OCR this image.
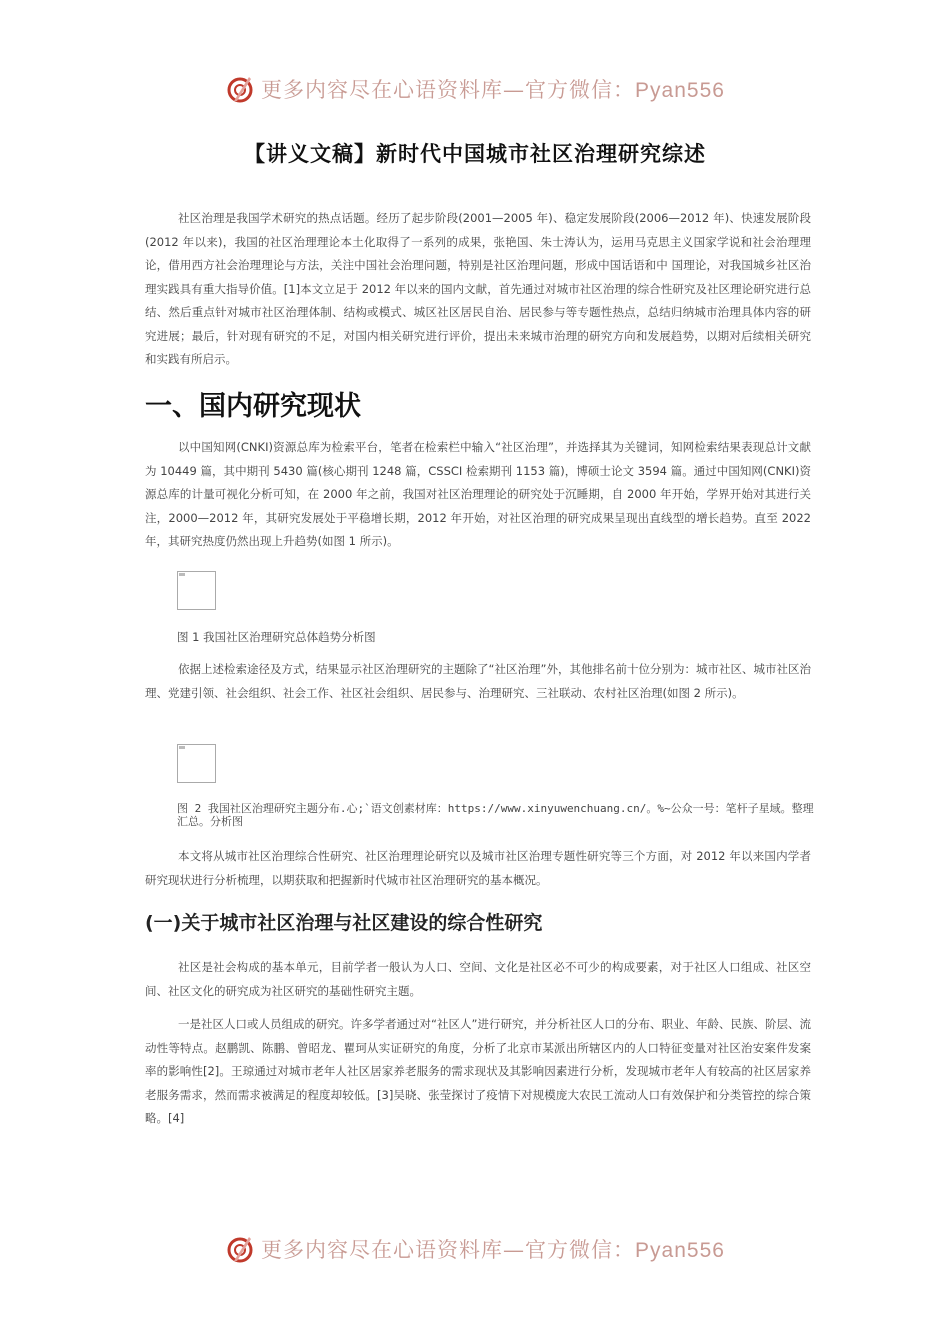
更多内容尽在心语资料库—官方微信：Pyan556
【讲义文稿】新时代中国城市社区治理研究综述

社区治理是我国学术研究的热点话题。经历了起步阶段(2001—2005 年)、稳定发展阶段(2006—2012 年)、快速发展阶段(2012 年以来)，我国的社区治理理论本土化取得了一系列的成果，张艳国、朱士涛认为，运用马克思主义国家学说和社会治理理论，借用西方社会治理理论与方法，关注中国社会治理问题，特别是社区治理问题，形成中国话语和中 国理论，对我国城乡社区治理实践具有重大指导价值。[1]本文立足于 2012 年以来的国内文献，首先通过对城市社区治理的综合性研究及社区理论研究进行总结、然后重点针对城市社区治理体制、结构或模式、城区社区居民自治、居民参与等专题性热点，总结归纳城市治理具体内容的研究进展；最后，针对现有研究的不足，对国内相关研究进行评价，提出未来城市治理的研究方向和发展趋势，以期对后续相关研究和实践有所启示。

一、国内研究现状

以中国知网(CNKI)资源总库为检索平台，笔者在检索栏中输入“社区治理”，并选择其为关键词，知网检索结果表现总计文献为 10449 篇，其中期刊 5430 篇(核心期刊 1248 篇，CSSCI 检索期刊 1153 篇)，博硕士论文 3594 篇。通过中国知网(CNKI)资源总库的计量可视化分析可知，在 2000 年之前，我国对社区治理理论的研究处于沉睡期，自 2000 年开始，学界开始对其进行关注，2000—2012 年，其研究发展处于平稳增长期，2012 年开始，对社区治理的研究成果呈现出直线型的增长趋势。直至 2022 年，其研究热度仍然出现上升趋势(如图 1 所示)。

图 1 我国社区治理研究总体趋势分析图

依据上述检索途径及方式，结果显示社区治理研究的主题除了“社区治理”外，其他排名前十位分别为：城市社区、城市社区治理、党建引领、社会组织、社会工作、社区社会组织、居民参与、治理研究、三社联动、农村社区治理(如图 2 所示)。

图 2 我国社区治理研究主题分布.心;`语文创素材库：https://www.xinyuwenchuang.cn/。%~公众一号：笔杆子星域。整理汇总。分析图

本文将从城市社区治理综合性研究、社区治理理论研究以及城市社区治理专题性研究等三个方面，对 2012 年以来国内学者研究现状进行分析梳理，以期获取和把握新时代城市社区治理研究的基本概况。

(一)关于城市社区治理与社区建设的综合性研究

社区是社会构成的基本单元，目前学者一般认为人口、空间、文化是社区必不可少的构成要素，对于社区人口组成、社区空间、社区文化的研究成为社区研究的基础性研究主题。

一是社区人口或人员组成的研究。许多学者通过对“社区人”进行研究，并分析社区人口的分布、职业、年龄、民族、阶层、流动性等特点。赵鹏凯、陈鹏、曾昭龙、瞿珂从实证研究的角度，分析了北京市某派出所辖区内的人口特征变量对社区治安案件发案率的影响性[2]。王琼通过对城市老年人社区居家养老服务的需求现状及其影响因素进行分析，发现城市老年人有较高的社区居家养老服务需求，然而需求被满足的程度却较低。[3]吴晓、张莹探讨了疫情下对规模庞大农民工流动人口有效保护和分类管控的综合策略。[4]

更多内容尽在心语资料库—官方微信：Pyan556
